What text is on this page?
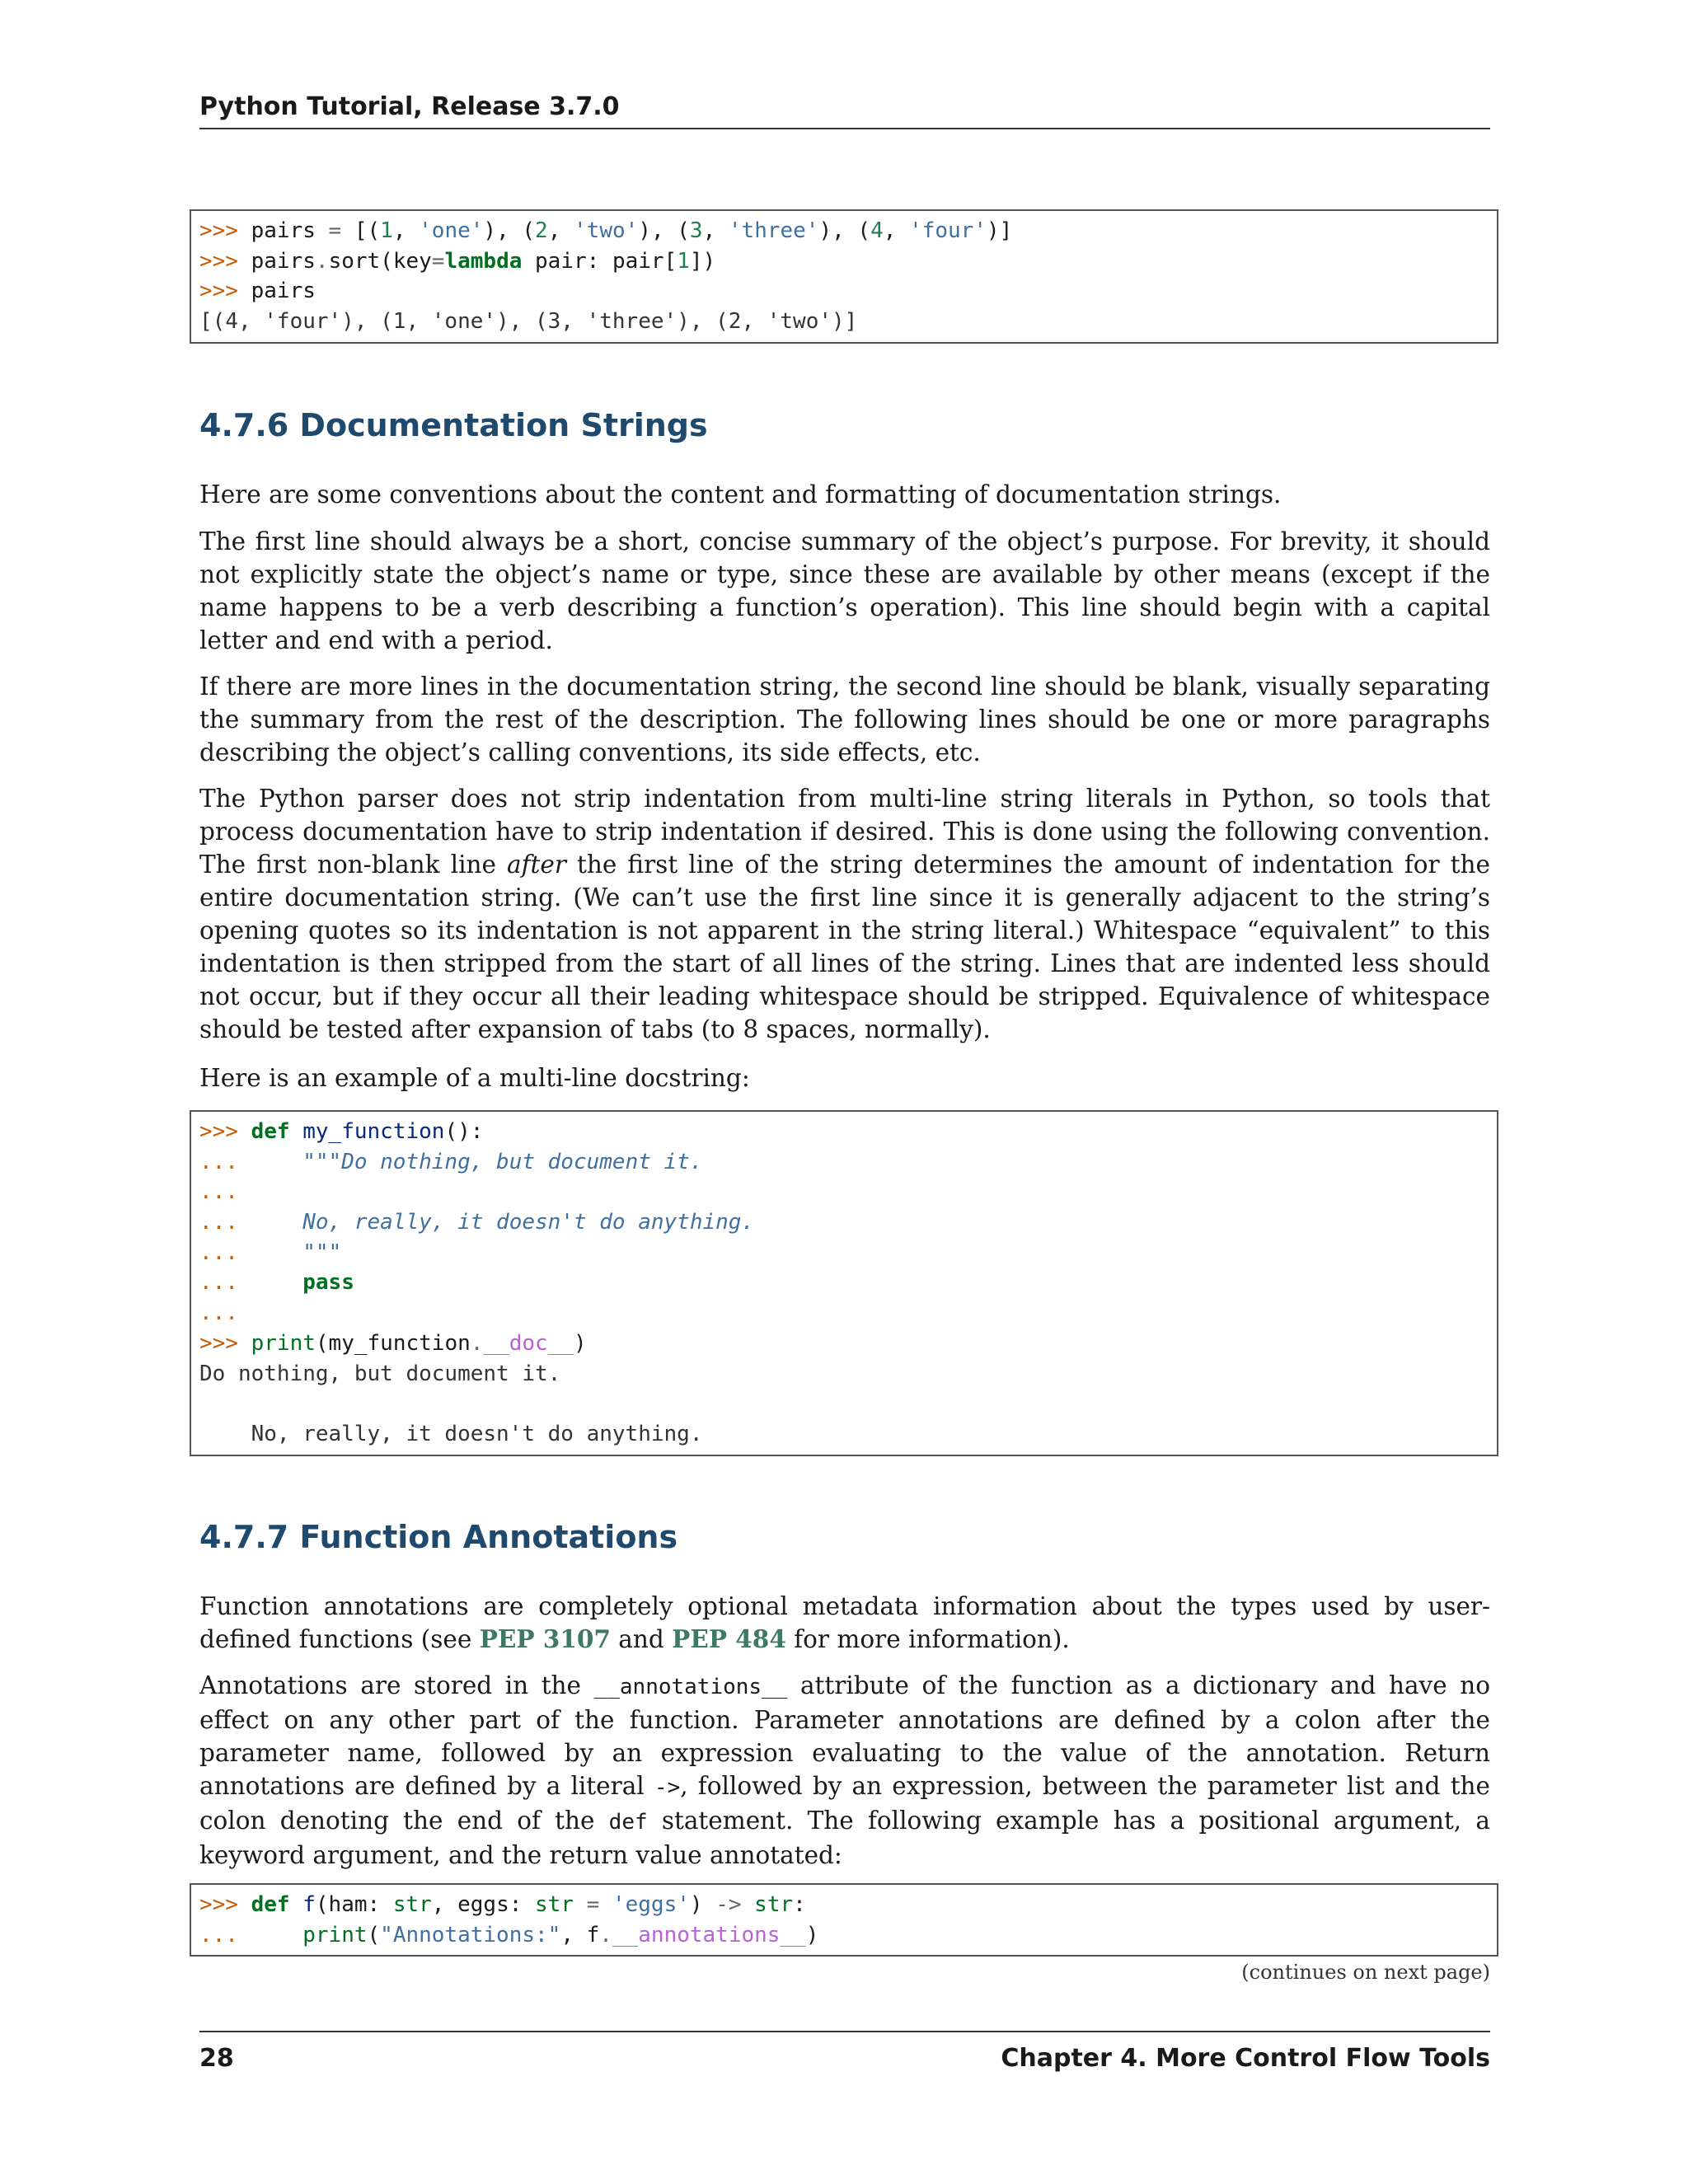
Python Tutorial, Release 3.7.0
>>> pairs = [(1, 'one'), (2, 'two'), (3, 'three'), (4, 'four')]
>>> pairs.sort(key=lambda pair: pair[1])
>>> pairs
[(4, 'four'), (1, 'one'), (3, 'three'), (2, 'two')]
4.7.6 Documentation Strings

Here are some conventions about the content and formatting of documentation strings.

The first line should always be a short, concise summary of the object’s purpose. For brevity, it should not explicitly state the object’s name or type, since these are available by other means (except if the name happens to be a verb describing a function’s operation). This line should begin with a capital letter and end with a period.

If there are more lines in the documentation string, the second line should be blank, visually separating the summary from the rest of the description. The following lines should be one or more paragraphs describing the object’s calling conventions, its side effects, etc.

The Python parser does not strip indentation from multi-line string literals in Python, so tools that process documentation have to strip indentation if desired. This is done using the following convention. The first non-blank line after the first line of the string determines the amount of indentation for the entire documentation string. (We can’t use the first line since it is generally adjacent to the string’s opening quotes so its indentation is not apparent in the string literal.) Whitespace “equivalent” to this indentation is then stripped from the start of all lines of the string. Lines that are indented less should not occur, but if they occur all their leading whitespace should be stripped. Equivalence of whitespace should be tested after expansion of tabs (to 8 spaces, normally).

Here is an example of a multi-line docstring:

>>> def my_function():
...     """Do nothing, but document it.
...
...     No, really, it doesn't do anything.
...     """
...     pass
...
>>> print(my_function.__doc__)
Do nothing, but document it.
No, really, it doesn't do anything.
4.7.7 Function Annotations

Function annotations are completely optional metadata information about the types used by user-defined functions (see PEP 3107 and PEP 484 for more information).

Annotations are stored in the __annotations__ attribute of the function as a dictionary and have no effect on any other part of the function. Parameter annotations are defined by a colon after the parameter name, followed by an expression evaluating to the value of the annotation. Return annotations are defined by a literal ->, followed by an expression, between the parameter list and the colon denoting the end of the def statement. The following example has a positional argument, a keyword argument, and the return value annotated:

>>> def f(ham: str, eggs: str = 'eggs') -> str:
...     print("Annotations:", f.__annotations__)
(continues on next page)
28	Chapter 4. More Control Flow Tools
